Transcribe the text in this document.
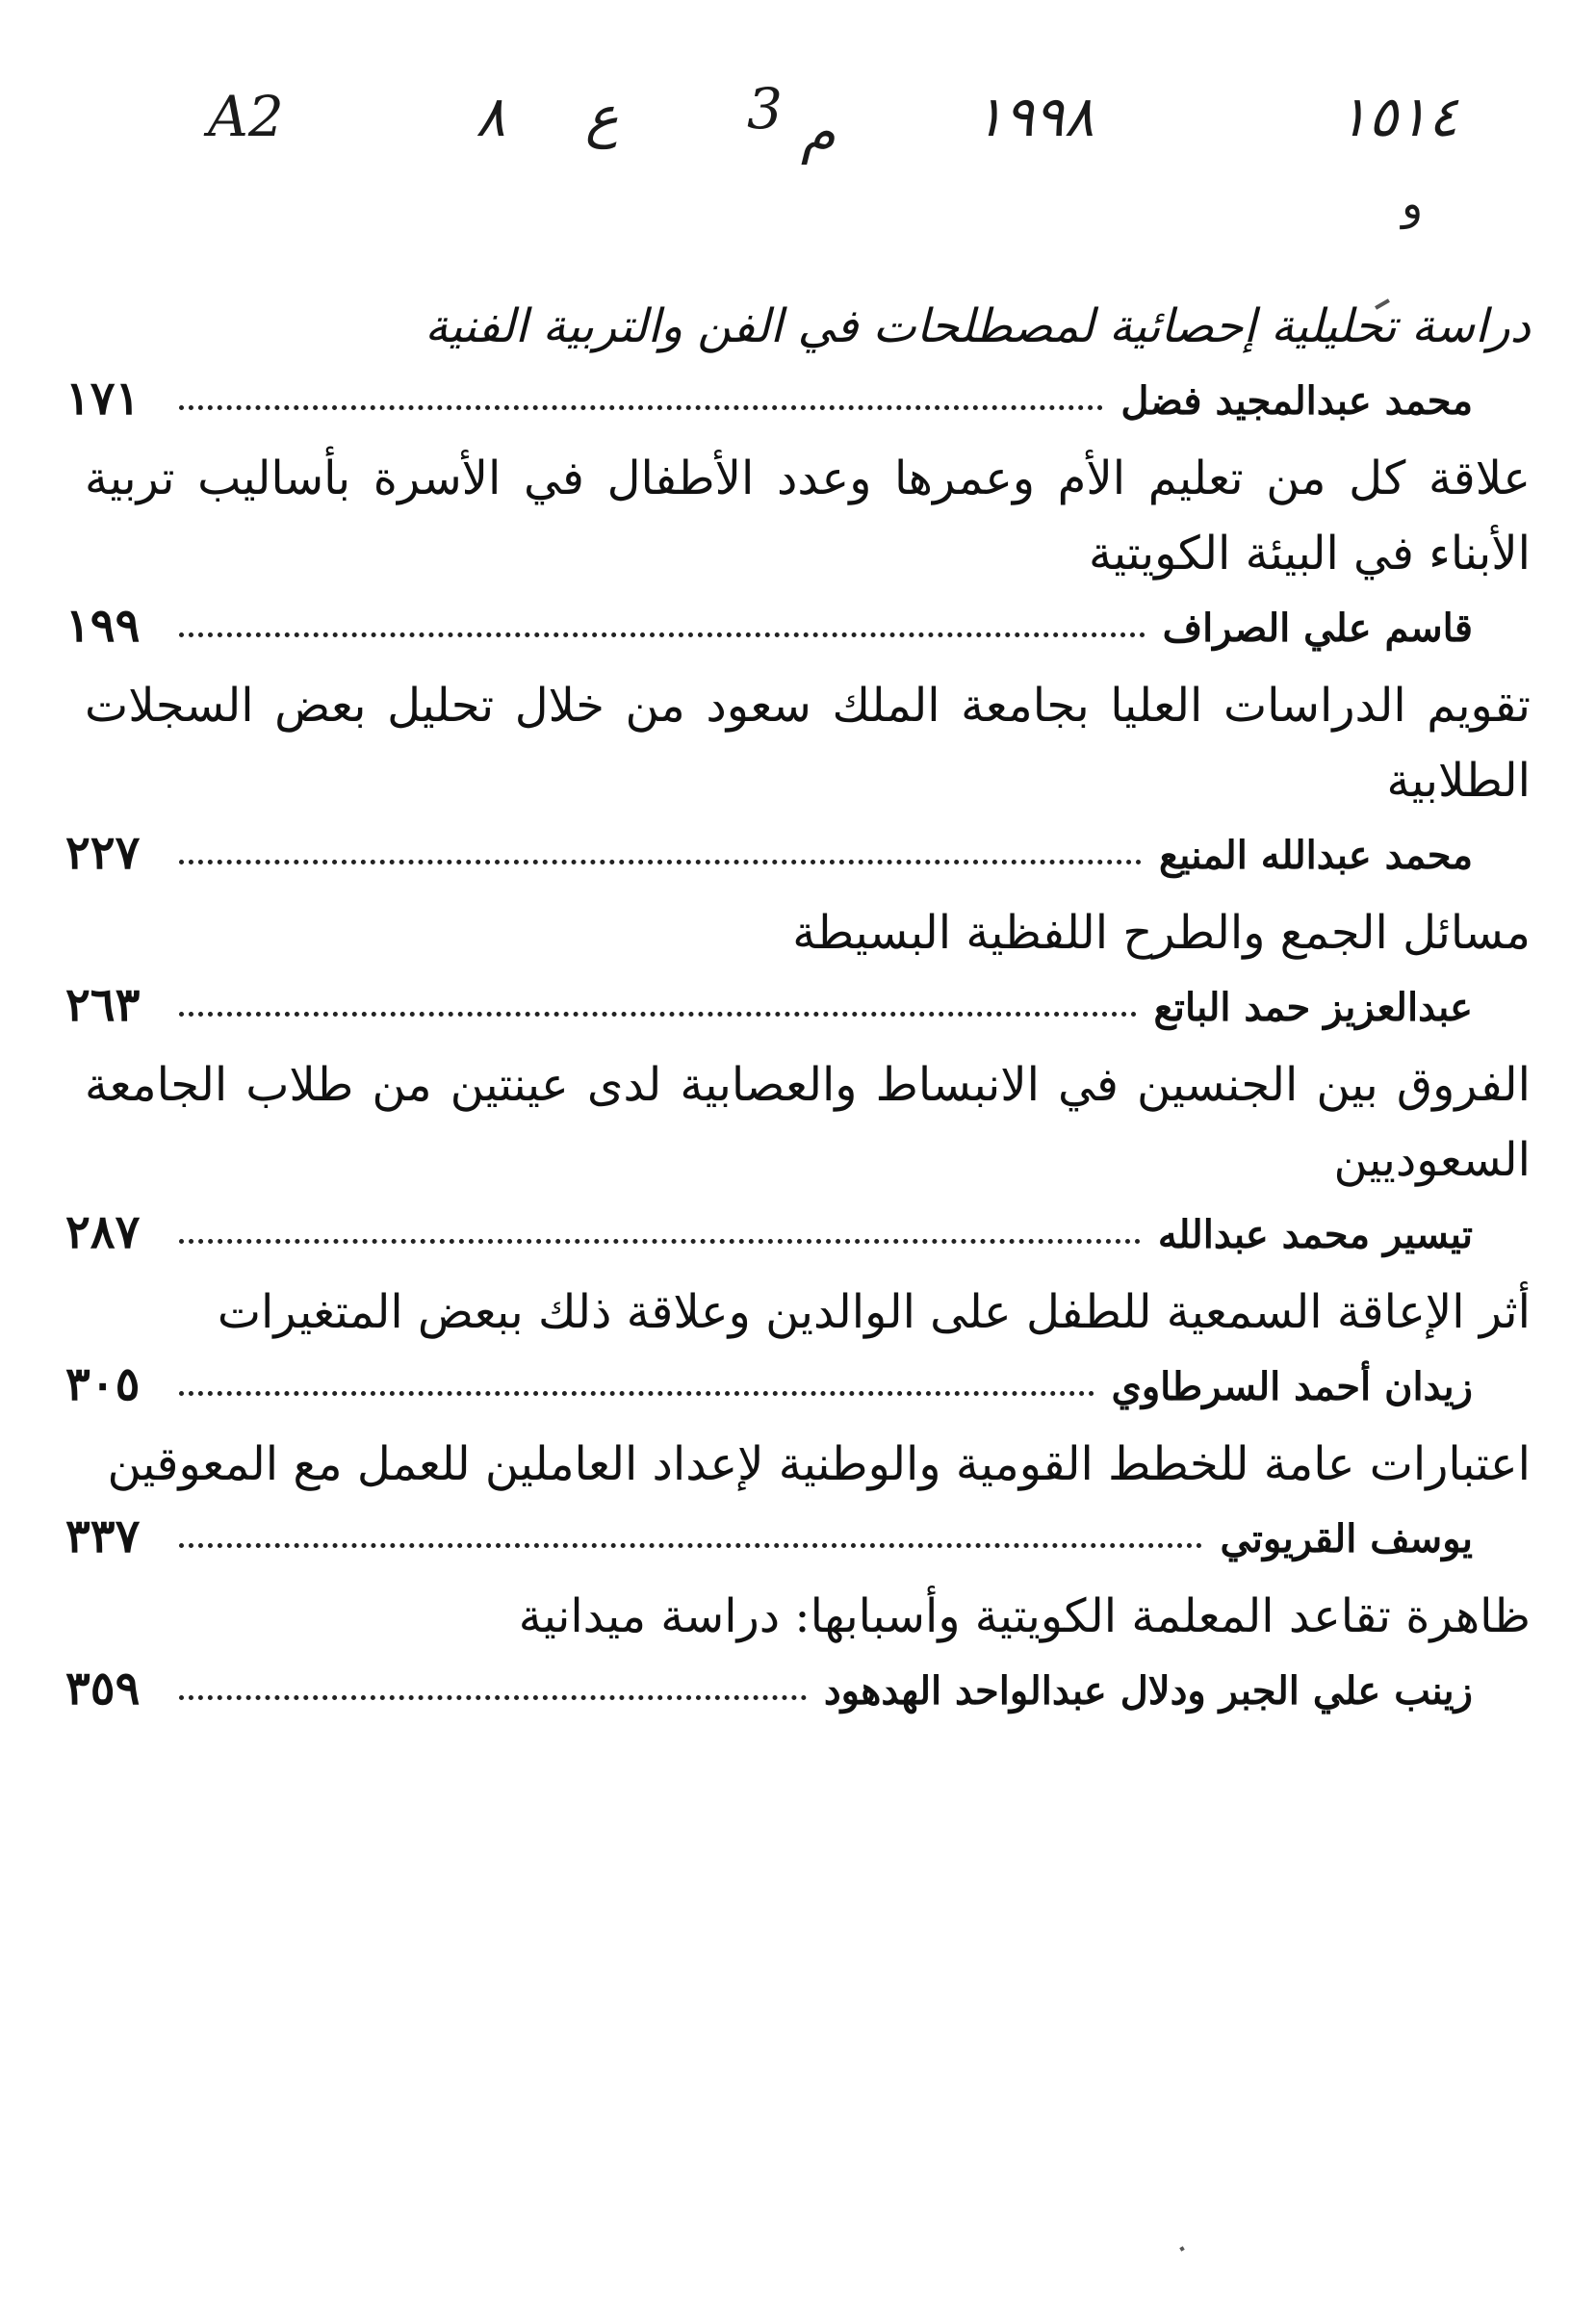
A2	٨ ع 3 م ١٩٩٨	١٥١٤
و
دراسة تحليلية إحصائية لمصطلحات في الفن والتربية الفنية
محمد عبدالمجيد فضل
١٧١
علاقة كل من تعليم الأم وعمرها وعدد الأطفال في الأسرة بأساليب تربية الأبناء في البيئة الكويتية
قاسم علي الصراف
١٩٩
تقويم الدراسات العليا بجامعة الملك سعود من خلال تحليل بعض السجلات الطلابية
محمد عبدالله المنيع
٢٢٧
مسائل الجمع والطرح اللفظية البسيطة
عبدالعزيز حمد الباتع
٢٦٣
الفروق بين الجنسين في الانبساط والعصابية لدى عينتين من طلاب الجامعة السعوديين
تيسير محمد عبدالله
٢٨٧
أثر الإعاقة السمعية للطفل على الوالدين وعلاقة ذلك ببعض المتغيرات
زيدان أحمد السرطاوي
٣٠٥
اعتبارات عامة للخطط القومية والوطنية لإعداد العاملين للعمل مع المعوقين
يوسف القريوتي
٣٣٧
ظاهرة تقاعد المعلمة الكويتية وأسبابها: دراسة ميدانية
زينب علي الجبر ودلال عبدالواحد الهدهود
٣٥٩
